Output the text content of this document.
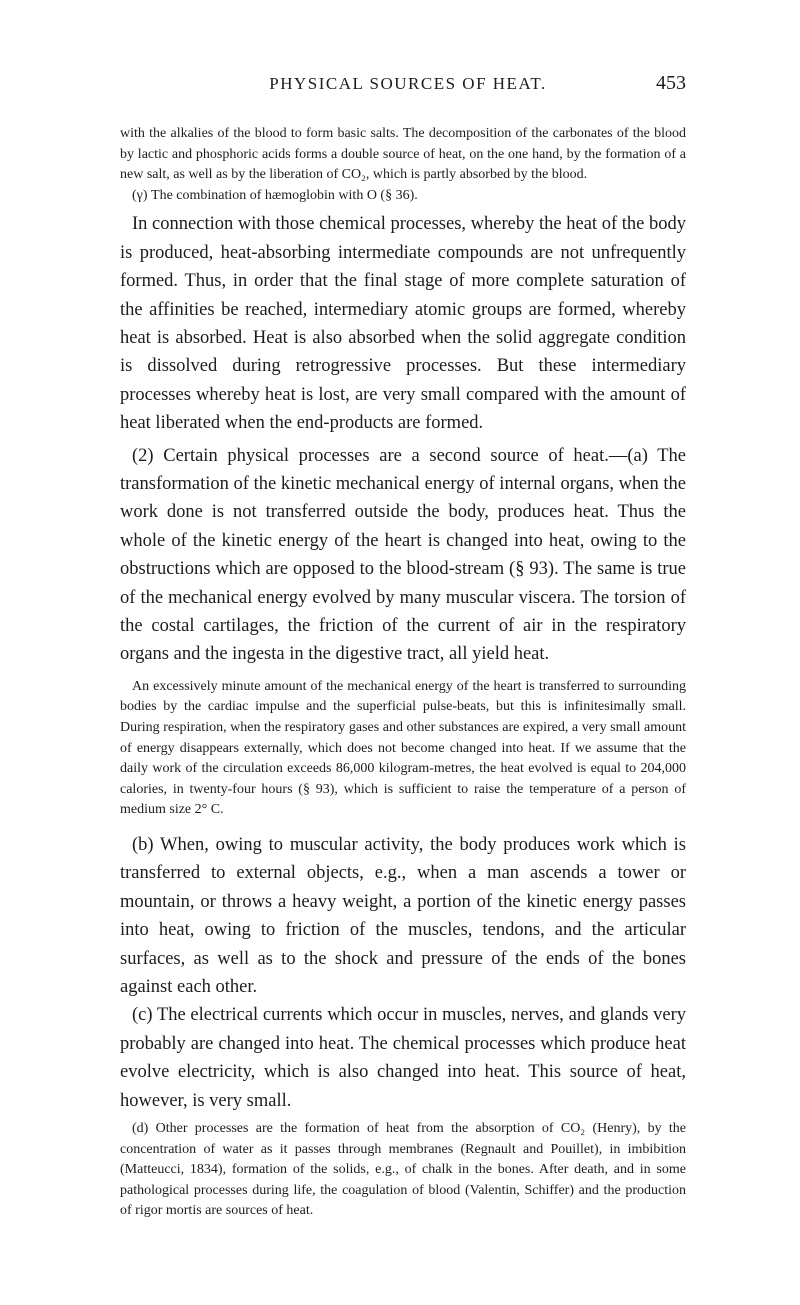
PHYSICAL SOURCES OF HEAT.	453

with the alkalies of the blood to form basic salts. The decomposition of the carbonates of the blood by lactic and phosphoric acids forms a double source of heat, on the one hand, by the formation of a new salt, as well as by the liberation of CO₂, which is partly absorbed by the blood.

(γ) The combination of hæmoglobin with O (§ 36).

In connection with those chemical processes, whereby the heat of the body is produced, heat-absorbing intermediate compounds are not unfrequently formed. Thus, in order that the final stage of more complete saturation of the affinities be reached, intermediary atomic groups are formed, whereby heat is absorbed. Heat is also absorbed when the solid aggregate condition is dissolved during retrogressive processes. But these intermediary processes whereby heat is lost, are very small compared with the amount of heat liberated when the end-products are formed.

(2) Certain physical processes are a second source of heat.—(a) The transformation of the kinetic mechanical energy of internal organs, when the work done is not transferred outside the body, produces heat. Thus the whole of the kinetic energy of the heart is changed into heat, owing to the obstructions which are opposed to the blood-stream (§ 93). The same is true of the mechanical energy evolved by many muscular viscera. The torsion of the costal cartilages, the friction of the current of air in the respiratory organs and the ingesta in the digestive tract, all yield heat.

An excessively minute amount of the mechanical energy of the heart is transferred to surrounding bodies by the cardiac impulse and the superficial pulse-beats, but this is infinitesimally small. During respiration, when the respiratory gases and other substances are expired, a very small amount of energy disappears externally, which does not become changed into heat. If we assume that the daily work of the circulation exceeds 86,000 kilogram-metres, the heat evolved is equal to 204,000 calories, in twenty-four hours (§ 93), which is sufficient to raise the temperature of a person of medium size 2° C.

(b) When, owing to muscular activity, the body produces work which is transferred to external objects, e.g., when a man ascends a tower or mountain, or throws a heavy weight, a portion of the kinetic energy passes into heat, owing to friction of the muscles, tendons, and the articular surfaces, as well as to the shock and pressure of the ends of the bones against each other.

(c) The electrical currents which occur in muscles, nerves, and glands very probably are changed into heat. The chemical processes which produce heat evolve electricity, which is also changed into heat. This source of heat, however, is very small.

(d) Other processes are the formation of heat from the absorption of CO₂ (Henry), by the concentration of water as it passes through membranes (Regnault and Pouillet), in imbibition (Matteucci, 1834), formation of the solids, e.g., of chalk in the bones. After death, and in some pathological processes during life, the coagulation of blood (Valentin, Schiffer) and the production of rigor mortis are sources of heat.
